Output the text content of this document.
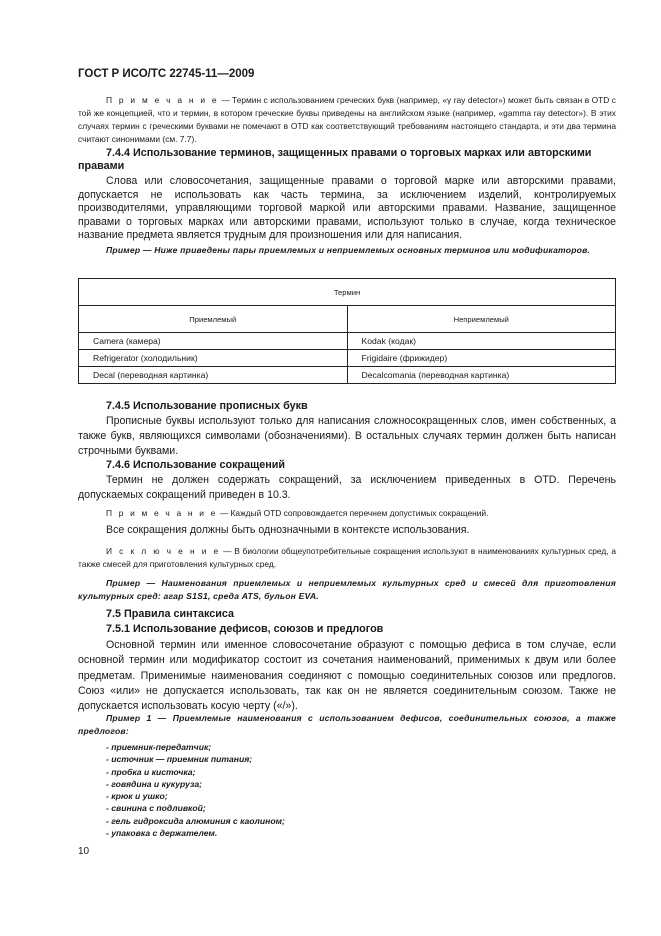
ГОСТ Р ИСО/ТС 22745-11—2009
П р и м е ч а н и е — Термин с использованием греческих букв (например, «γ ray detector») может быть связан в OTD с той же концепцией, что и термин, в котором греческие буквы приведены на английском языке (например, «gamma ray detector»). В этих случаях термин с греческими буквами не помечают в OTD как соответствующий требованиям настоящего стандарта, и эти два термина считают синонимами (см. 7.7).
7.4.4 Использование терминов, защищенных правами о торговых марках или авторскими правами
Слова или словосочетания, защищенные правами о торговой марке или авторскими правами, допускается не использовать как часть термина, за исключением изделий, контролируемых производителями, управляющими торговой маркой или авторскими правами. Название, защищенное правами о торговых марках или авторскими правами, используют только в случае, когда техническое название предмета является трудным для произношения или для написания.
Пример — Ниже приведены пары приемлемых и неприемлемых основных терминов или модификаторов.
Термин	
Приемлемый	Неприемлемый
Camera (камера)	Kodak (кодак)
Refrigerator (холодильник)	Frigidaire (фрижидер)
Decal (переводная картинка)	Decalcomania (переводная картинка)
7.4.5 Использование прописных букв
Прописные буквы используют только для написания сложносокращенных слов, имен собственных, а также букв, являющихся символами (обозначениями). В остальных случаях термин должен быть написан строчными буквами.
7.4.6 Использование сокращений
Термин не должен содержать сокращений, за исключением приведенных в OTD. Перечень допускаемых сокращений приведен в 10.3.
П р и м е ч а н и е — Каждый OTD сопровождается перечнем допустимых сокращений.
Все сокращения должны быть однозначными в контексте использования.
И с к л ю ч е н и е — В биологии общеупотребительные сокращения используют в наименованиях культурных сред, а также смесей для приготовления культурных сред.
Пример — Наименования приемлемых и неприемлемых культурных сред и смесей для приготовления культурных сред: агар S1S1, среда ATS, бульон EVA.
7.5 Правила синтаксиса
7.5.1 Использование дефисов, союзов и предлогов
Основной термин или именное словосочетание образуют с помощью дефиса в том случае, если основной термин или модификатор состоит из сочетания наименований, применимых к двум или более предметам. Применимые наименования соединяют с помощью соединительных союзов или предлогов. Союз «или» не допускается использовать, так как он не является соединительным союзом. Также не допускается использовать косую черту («/»).
Пример 1 — Приемлемые наименования с использованием дефисов, соединительных союзов, а также предлогов:
- приемник-передатчик;
- источник — приемник питания;
- пробка и кисточка;
- говядина и кукуруза;
- крюк и ушко;
- свинина с подливкой;
- гель гидроксида алюминия с каолином;
- упаковка с держателем.
10
